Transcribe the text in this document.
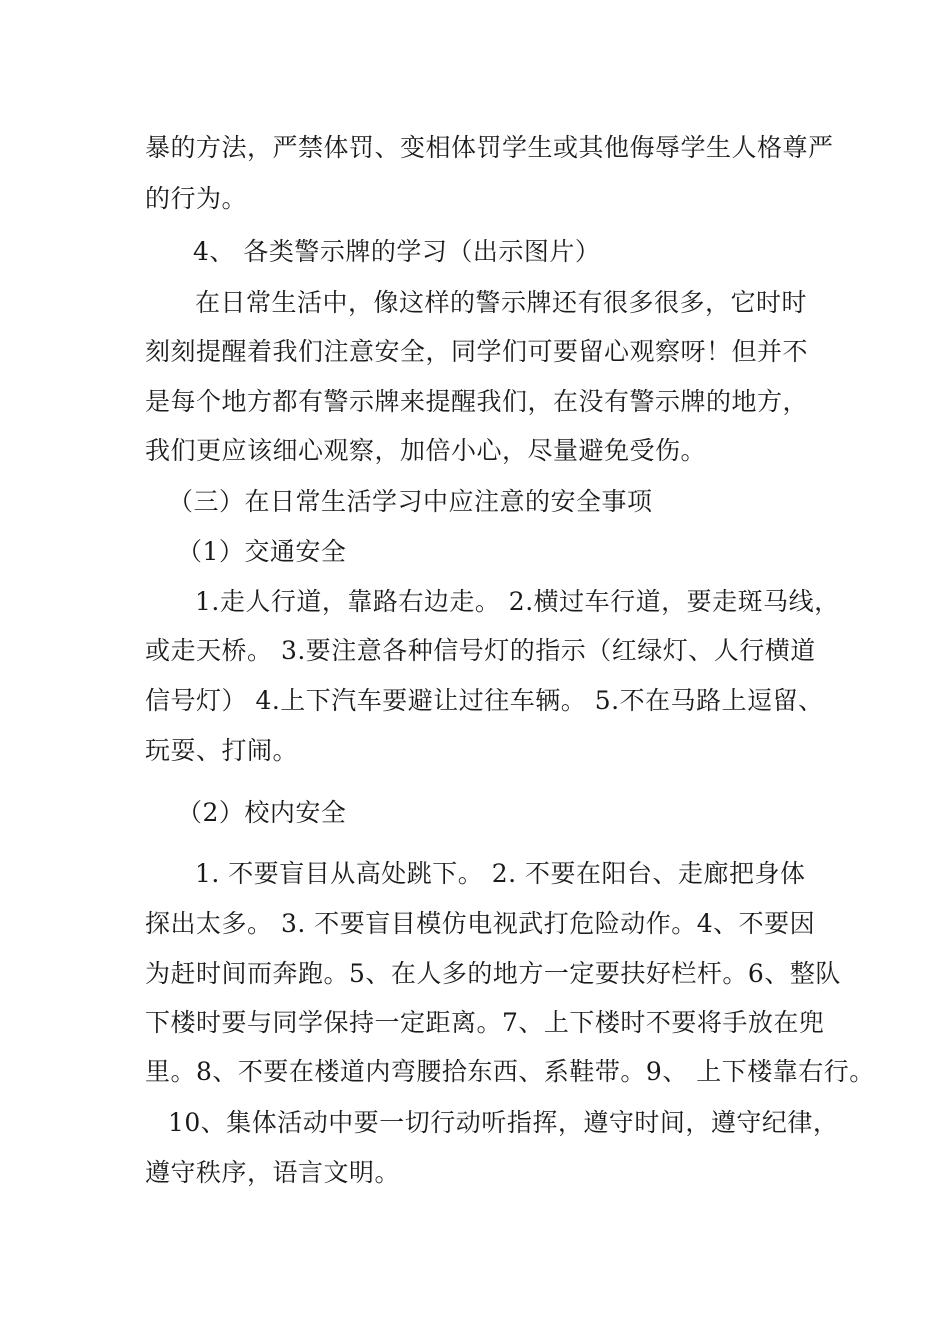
暴的方法，严禁体罚、变相体罚学生或其他侮辱学生人格尊严
的行为。
4、 各类警示牌的学习（出示图片）
在日常生活中，像这样的警示牌还有很多很多，它时时
刻刻提醒着我们注意安全，同学们可要留心观察呀！但并不
是每个地方都有警示牌来提醒我们，在没有警示牌的地方，
我们更应该细心观察，加倍小心，尽量避免受伤。
（三）在日常生活学习中应注意的安全事项
（1）交通安全
1.走人行道，靠路右边走。 2.横过车行道，要走斑马线，
或走天桥。 3.要注意各种信号灯的指示（红绿灯、人行横道
信号灯） 4.上下汽车要避让过往车辆。 5.不在马路上逗留、
玩耍、打闹。
（2）校内安全
1. 不要盲目从高处跳下。 2. 不要在阳台、走廊把身体
探出太多。 3. 不要盲目模仿电视武打危险动作。4、不要因
为赶时间而奔跑。5、在人多的地方一定要扶好栏杆。6、整队
下楼时要与同学保持一定距离。7、上下楼时不要将手放在兜
里。8、不要在楼道内弯腰拾东西、系鞋带。9、 上下楼靠右行。
10、集体活动中要一切行动听指挥，遵守时间，遵守纪律，
遵守秩序，语言文明。
